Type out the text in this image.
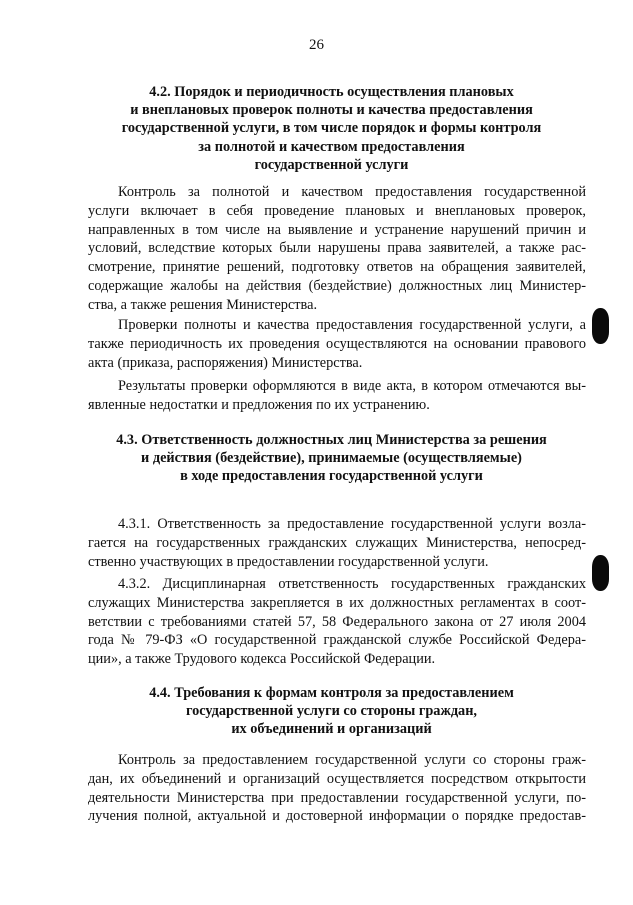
26
4.2. Порядок и периодичность осуществления плановых
и внеплановых проверок полноты и качества предоставления
государственной услуги, в том числе порядок и формы контроля
за полнотой и качеством предоставления
государственной услуги
Контроль за полнотой и качеством предоставления государственной
услуги включает в себя проведение плановых и внеплановых проверок,
направленных в том числе на выявление и устранение нарушений причин и
условий, вследствие которых были нарушены права заявителей, а также рас-
смотрение, принятие решений, подготовку ответов на обращения заявителей,
содержащие жалобы на действия (бездействие) должностных лиц Министер-
ства, а также решения Министерства.
Проверки полноты и качества предоставления государственной услуги, а
также периодичность их проведения осуществляются на основании правового
акта (приказа, распоряжения) Министерства.
Результаты проверки оформляются в виде акта, в котором отмечаются вы-
явленные недостатки и предложения по их устранению.
4.3. Ответственность должностных лиц Министерства за решения
и действия (бездействие), принимаемые (осуществляемые)
в ходе предоставления государственной услуги
4.3.1. Ответственность за предоставление государственной услуги возла-
гается на государственных гражданских служащих Министерства, непосред-
ственно участвующих в предоставлении государственной услуги.
4.3.2. Дисциплинарная ответственность государственных гражданских
служащих Министерства закрепляется в их должностных регламентах в соот-
ветствии с требованиями статей 57, 58 Федерального закона от 27 июля 2004
года № 79-ФЗ «О государственной гражданской службе Российской Федера-
ции», а также Трудового кодекса Российской Федерации.
4.4. Требования к формам контроля за предоставлением
государственной услуги со стороны граждан,
их объединений и организаций
Контроль за предоставлением государственной услуги со стороны граж-
дан, их объединений и организаций осуществляется посредством открытости
деятельности Министерства при предоставлении государственной услуги, по-
лучения полной, актуальной и достоверной информации о порядке предостав-
